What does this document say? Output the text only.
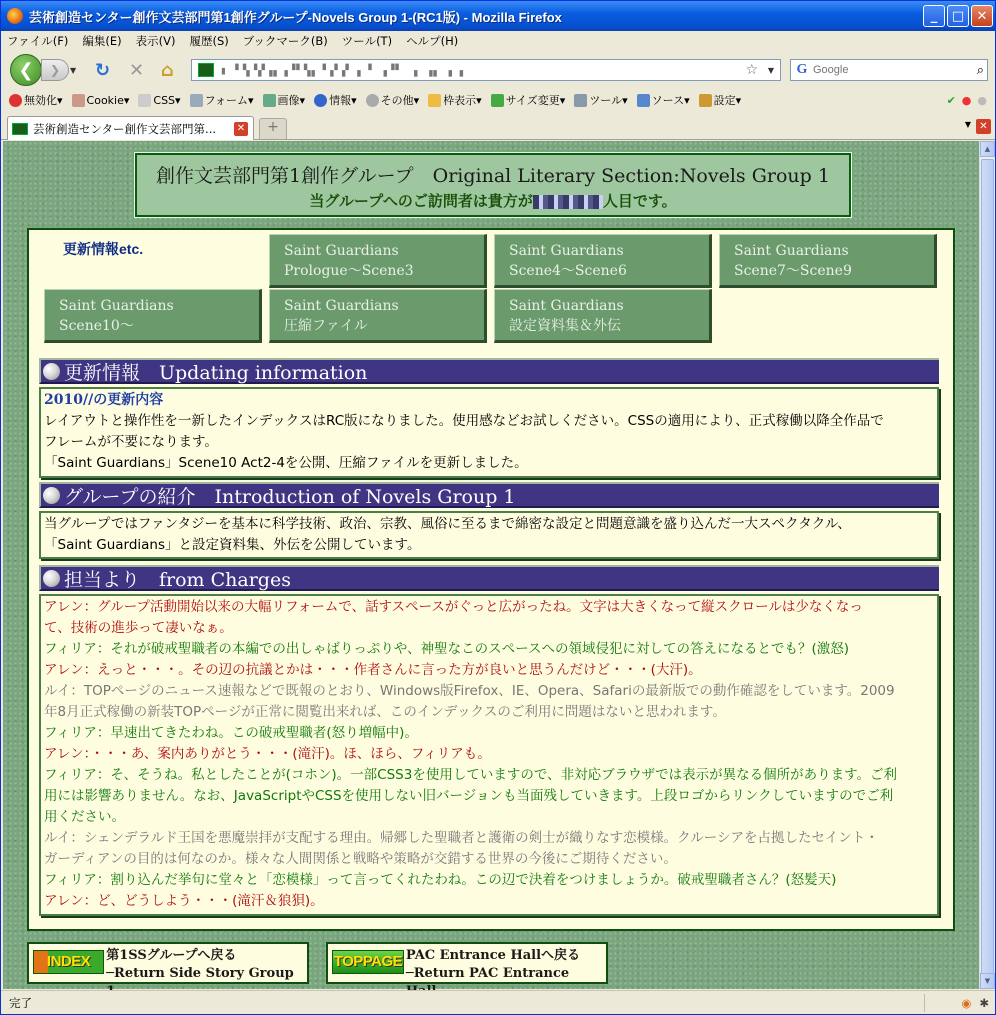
芸術創造センター創作文芸部門第1創作グループ-Novels Group 1-(RC1版) - Mozilla Firefox	_	□ ✕
ファイル(F) 編集(E) 表示(V) 履歴(S) ブックマーク(B) ツール(T) ヘルプ(H)
❮	❯	▼ ↻ ✕ ⌂	▮ ▘▚▝▞▗▖▗▝▘▚▖▝▗▘▞ ▖▝ ▗▝▘ ▗ ▗▖ ▖▗	☆ ▼ G
Google	⌕
無効化▾ Cookie▾ CSS▾ フォーム▾ 画像▾ 情報▾ その他▾ 枠表示▾ サイズ変更▾ ツール▾ ソース▾ 設定▾	✔ ● ●
芸術創造センター創作文芸部門第...	✕	+	▼ ✕
創作文芸部門第1創作グループ　Original Literary Section:Novels Group 1
当グループへのご訪問者は貴方が	人目です。
更新情報etc.	Saint Guardians
Prologue～Scene3
Saint Guardians
Scene4～Scene6
Saint Guardians
Scene7～Scene9
Saint Guardians
Scene10～
Saint Guardians
圧縮ファイル
Saint Guardians
設定資料集＆外伝
更新情報　Updating information
2010//の更新内容
レイアウトと操作性を一新したインデックスはRC版になりました。使用感などお試しください。CSSの適用により、正式稼働以降全作品で
フレームが不要になります。
「Saint Guardians」Scene10 Act2-4を公開、圧縮ファイルを更新しました。
グループの紹介　Introduction of Novels Group 1
当グループではファンタジーを基本に科学技術、政治、宗教、風俗に至るまで綿密な設定と問題意識を盛り込んだ一大スペクタクル、
「Saint Guardians」と設定資料集、外伝を公開しています。
担当より　from Charges
アレン：グループ活動開始以来の大幅リフォームで、話すスペースがぐっと広がったね。文字は大きくなって縦スクロールは少なくなっ
て、技術の進歩って凄いなぁ。
フィリア：それが破戒聖職者の本編での出しゃばりっぷりや、神聖なこのスペースへの領域侵犯に対しての答えになるとでも？(激怒)
アレン：えっと・・・。その辺の抗議とかは・・・作者さんに言った方が良いと思うんだけど・・・(大汗)。
ルイ：TOPページのニュース速報などで既報のとおり、Windows版Firefox、IE、Opera、Safariの最新版での動作確認をしています。2009
年8月正式稼働の新装TOPページが正常に閲覧出来れば、このインデックスのご利用に問題はないと思われます。
フィリア：早速出てきたわね。この破戒聖職者(怒り増幅中)。
アレン：・・・あ、案内ありがとう・・・(滝汗)。ほ、ほら、フィリアも。
フィリア：そ、そうね。私としたことが(コホン)。一部CSS3を使用していますので、非対応ブラウザでは表示が異なる個所があります。ご利
用には影響ありません。なお、JavaScriptやCSSを使用しない旧バージョンも当面残していきます。上段ロゴからリンクしていますのでご利
用ください。
ルイ：シェンデラルド王国を悪魔崇拝が支配する理由。帰郷した聖職者と護衛の剣士が織りなす恋模様。クルーシアを占拠したセイント・
ガーディアンの目的は何なのか。様々な人間関係と戦略や策略が交錯する世界の今後にご期待ください。
フィリア：割り込んだ挙句に堂々と「恋模様」って言ってくれたわね。この辺で決着をつけましょうか。破戒聖職者さん？(怒髪天)
アレン：ど、どうしよう・・・(滝汗＆狼狽)。
INDEX	第1SSグループへ戻る
─Return Side Story Group
TOPPAGE PAC Entrance Hallへ戻る
─Return PAC Entrance
▲
▼
完了	◉ ✱
